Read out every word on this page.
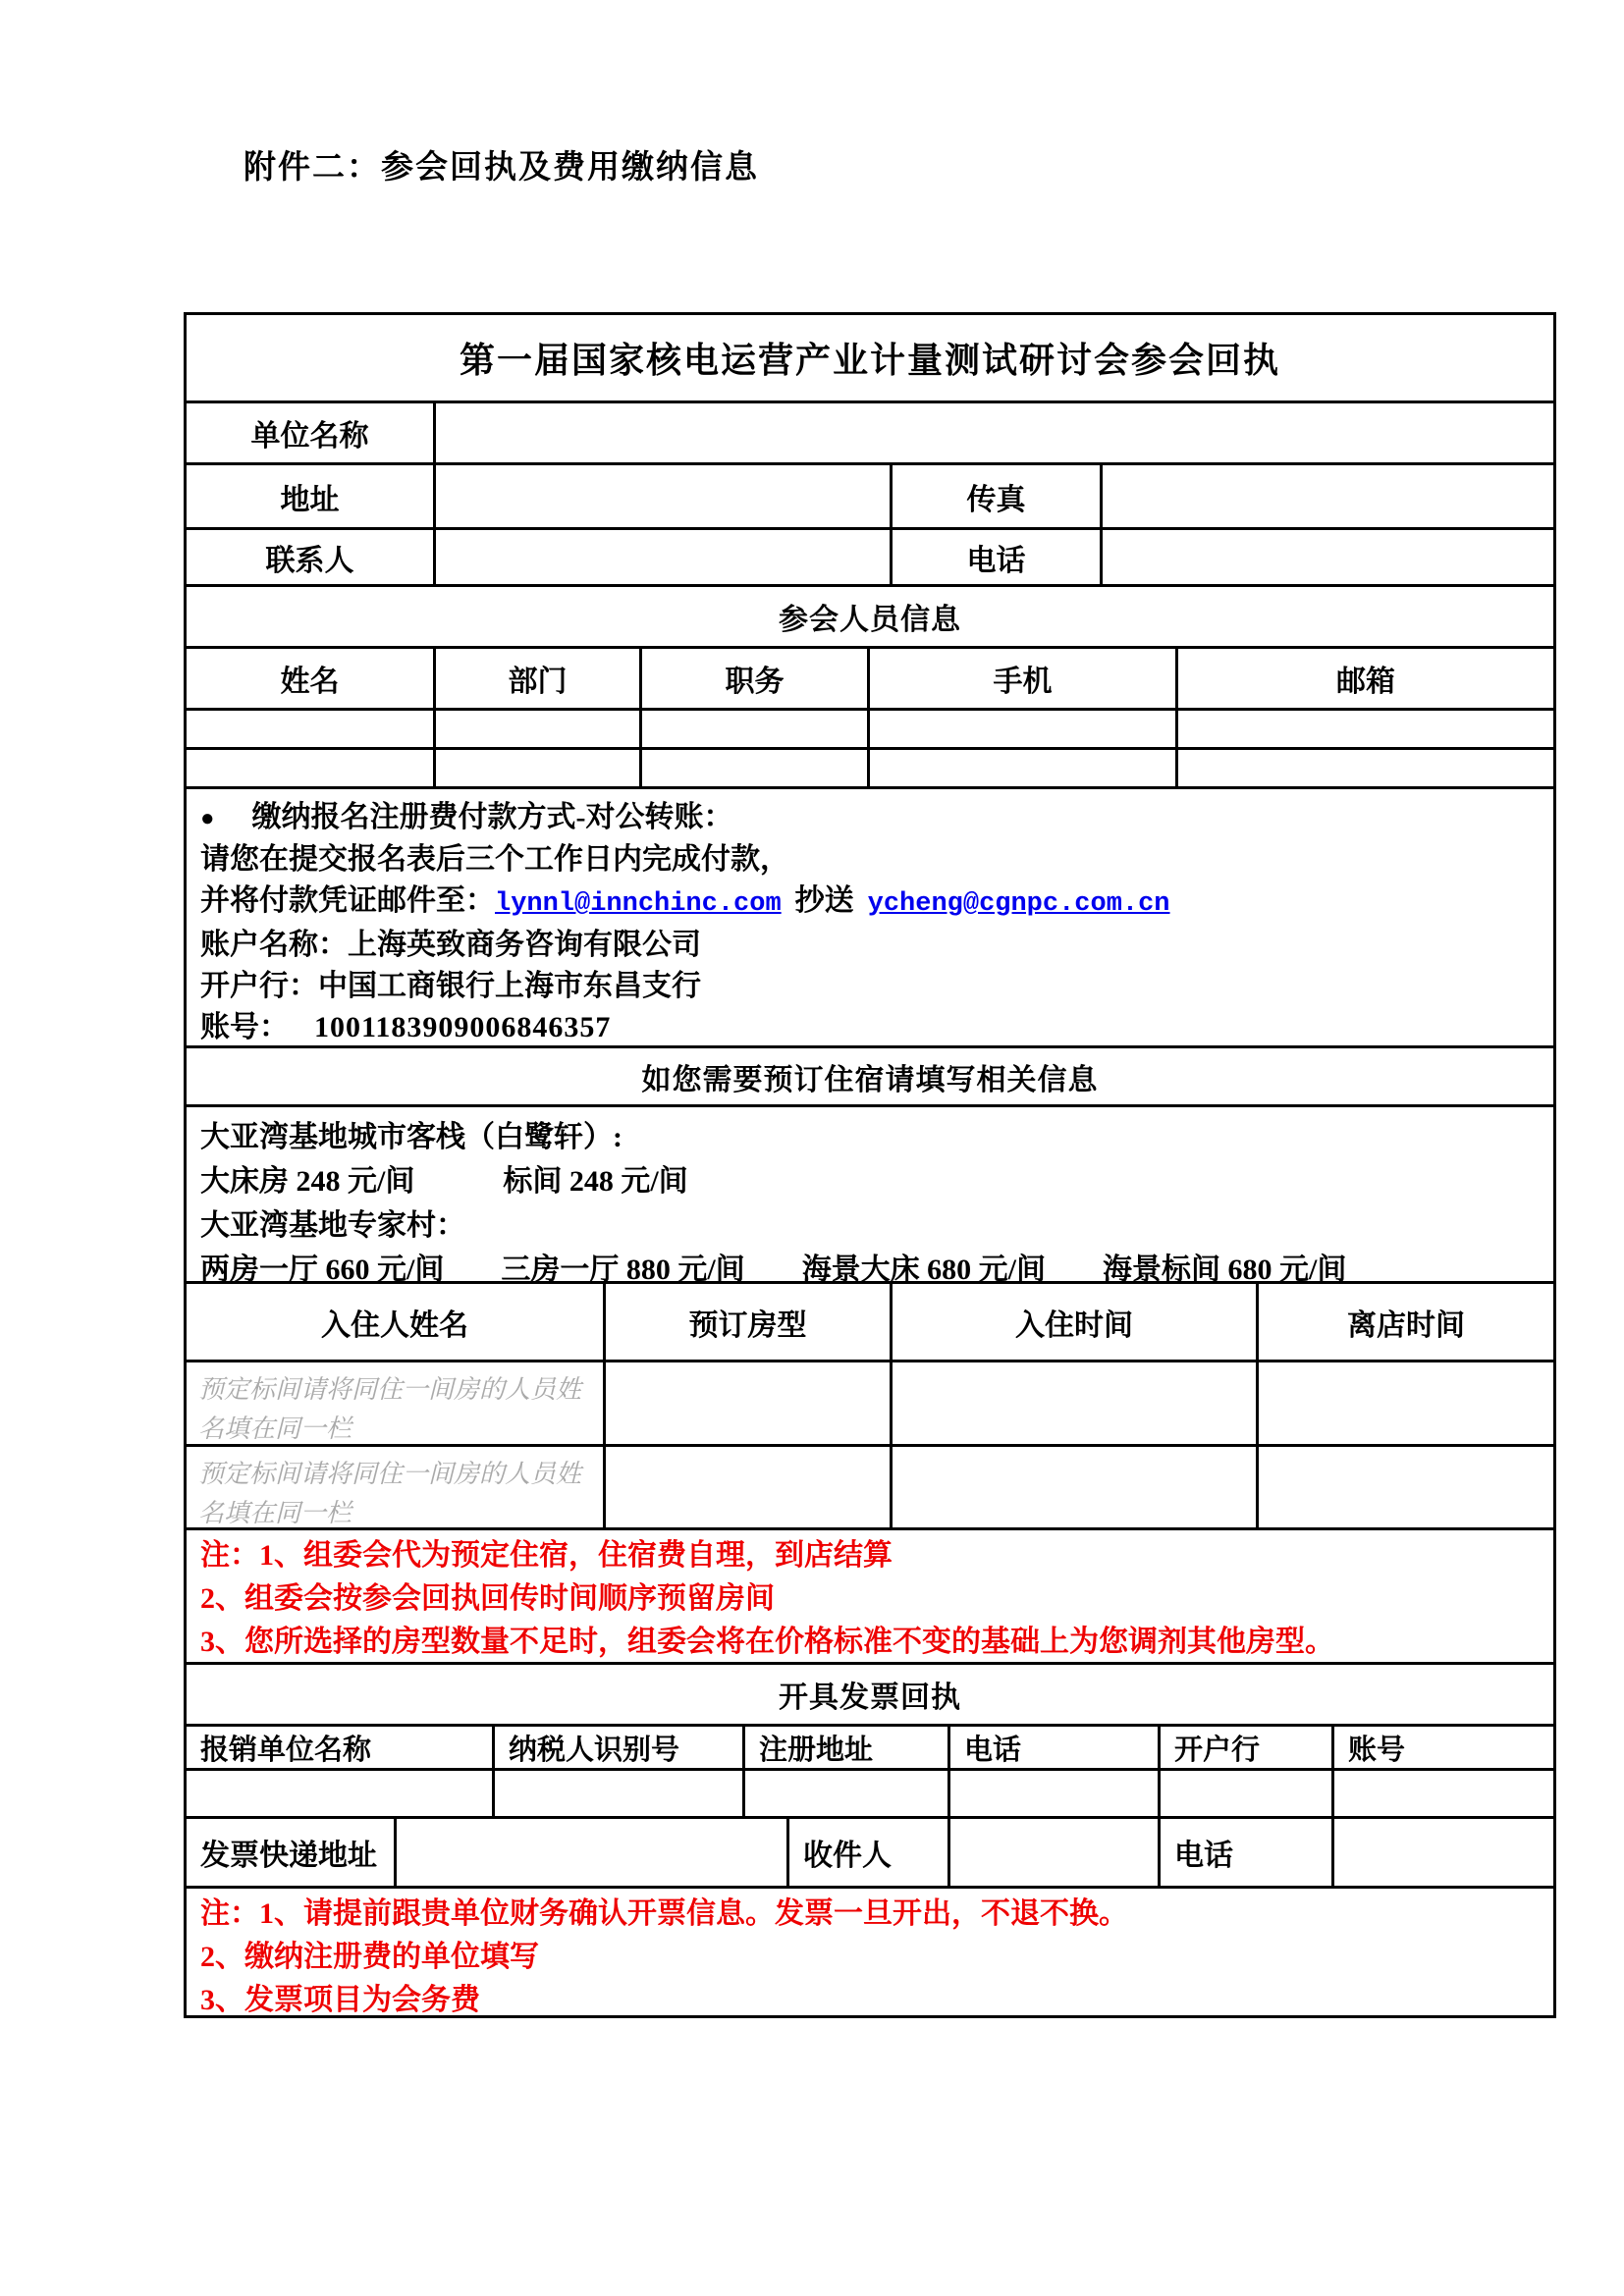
附件二：参会回执及费用缴纳信息
第一届国家核电运营产业计量测试研讨会参会回执
单位名称
地址	传真
联系人	电话
参会人员信息
姓名	部门	职务	手机	邮箱
● 缴纳报名注册费付款方式-对公转账：
请您在提交报名表后三个工作日内完成付款，
并将付款凭证邮件至：lynnl@innchinc.com 抄送 ycheng@cgnpc.com.cn
账户名称：上海英致商务咨询有限公司
开户行：中国工商银行上海市东昌支行
账号： 1001183909006846357
如您需要预订住宿请填写相关信息
大亚湾基地城市客栈（白鹭轩）:
大床房 248 元/间	标间 248 元/间
大亚湾基地专家村：
两房一厅 660 元/间 三房一厅 880 元/间 海景大床 680 元/间 海景标间 680 元/间
入住人姓名	预订房型	入住时间	离店时间
预定标间请将同住一间房的人员姓名填在同一栏
预定标间请将同住一间房的人员姓名填在同一栏
注：1、组委会代为预定住宿，住宿费自理，到店结算
2、组委会按参会回执回传时间顺序预留房间
3、您所选择的房型数量不足时，组委会将在价格标准不变的基础上为您调剂其他房型。
开具发票回执
报销单位名称	纳税人识别号	注册地址	电话	开户行	账号
发票快递地址	收件人	电话
注：1、请提前跟贵单位财务确认开票信息。发票一旦开出，不退不换。
2、缴纳注册费的单位填写
3、发票项目为会务费
